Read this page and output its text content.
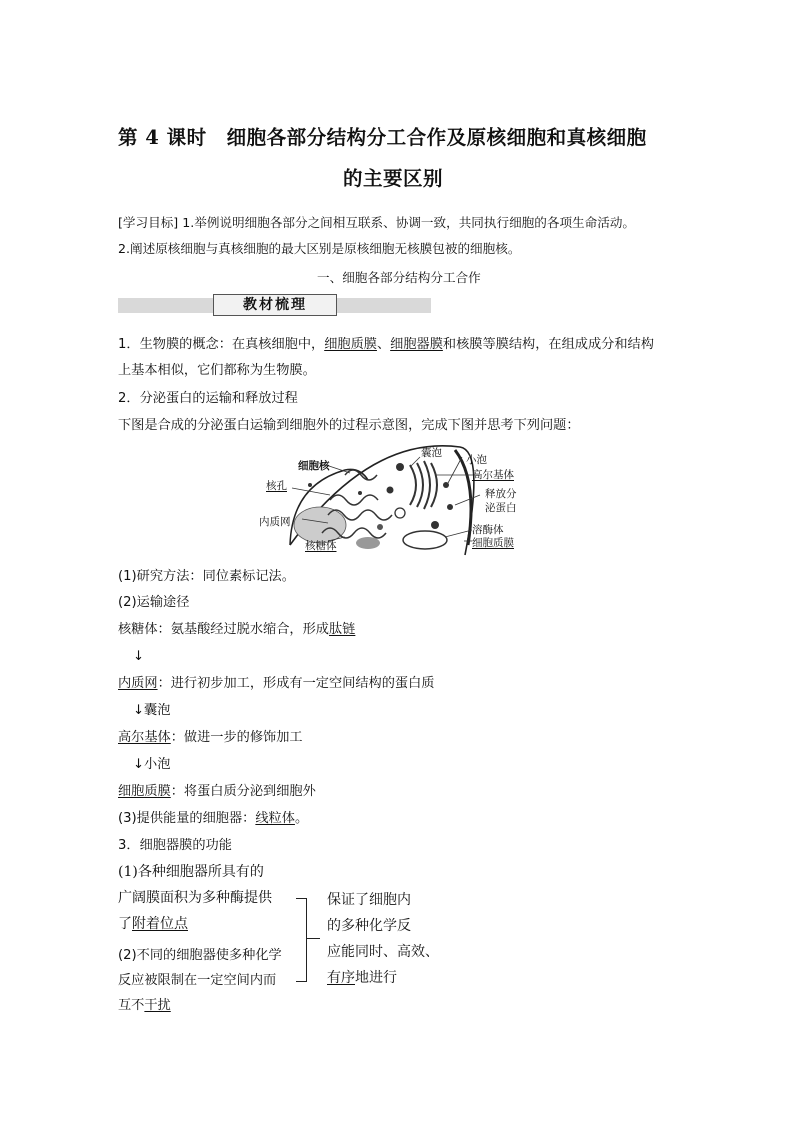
第 4 课时　细胞各部分结构分工合作及原核细胞和真核细胞
的主要区别
[学习目标] 1.举例说明细胞各部分之间相互联系、协调一致，共同执行细胞的各项生命活动。
2.阐述原核细胞与真核细胞的最大区别是原核细胞无核膜包被的细胞核。
一、细胞各部分结构分工合作
教材梳理
1．生物膜的概念：在真核细胞中，细胞质膜、细胞器膜和核膜等膜结构，在组成成分和结构
上基本相似，它们都称为生物膜。
2．分泌蛋白的运输和释放过程
下图是合成的分泌蛋白运输到细胞外的过程示意图，完成下图并思考下列问题：
细胞核
核孔
内质网
核糖体
囊泡
小泡
高尔基体
释放分
泌蛋白
溶酶体
细胞质膜
(1)研究方法：同位素标记法。
(2)运输途径
核糖体：氨基酸经过脱水缩合，形成肽链
↓
内质网：进行初步加工，形成有一定空间结构的蛋白质
↓囊泡
高尔基体：做进一步的修饰加工
↓小泡
细胞质膜：将蛋白质分泌到细胞外
(3)提供能量的细胞器：线粒体。
3．细胞器膜的功能
(1)各种细胞器所具有的
广阔膜面积为多种酶提供
了附着位点
(2)不同的细胞器使多种化学
反应被限制在一定空间内而
互不干扰
保证了细胞内
的多种化学反
应能同时、高效、
有序地进行
